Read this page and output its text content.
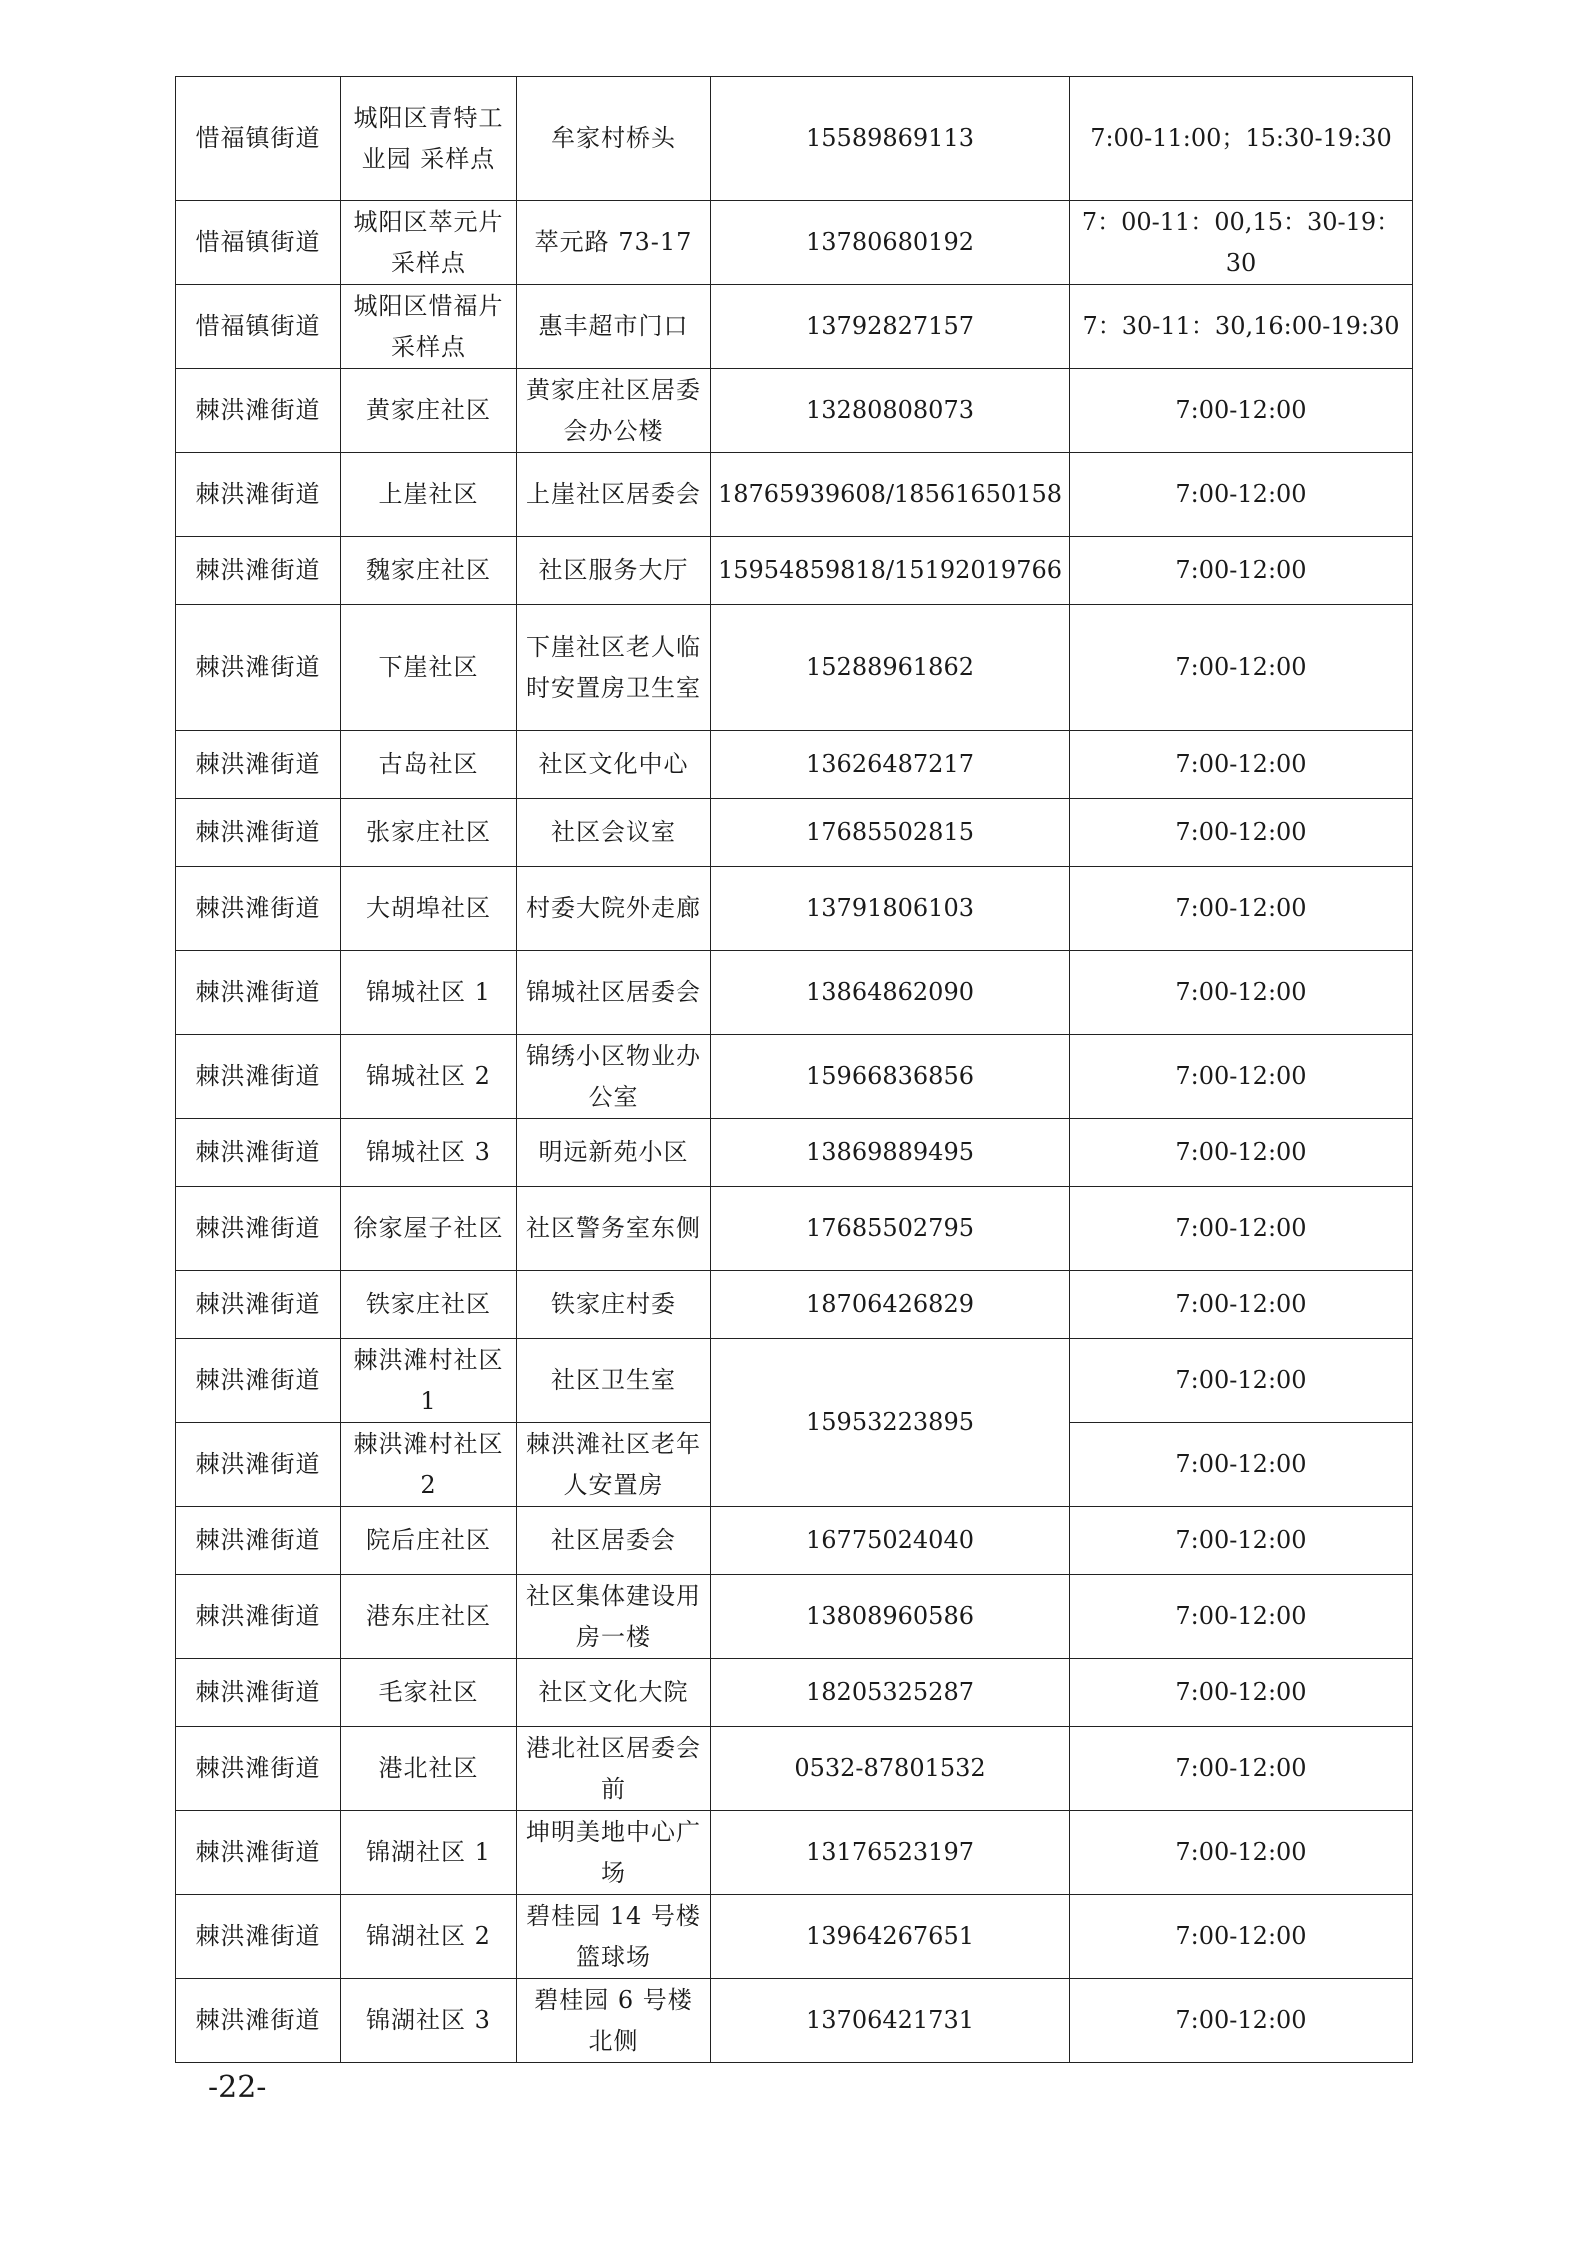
惜福镇街道	城阳区青特工业园 采样点	牟家村桥头	15589869113	7:00-11:00；15:30-19:30
惜福镇街道	城阳区萃元片采样点	萃元路 73-17	13780680192	7：00-11：00,15：30-19：30
惜福镇街道	城阳区惜福片采样点	惠丰超市门口	13792827157	7：30-11：30,16:00-19:30
棘洪滩街道	黄家庄社区	黄家庄社区居委会办公楼	13280808073	7:00-12:00
棘洪滩街道	上崖社区	上崖社区居委会	18765939608/18561650158	7:00-12:00
棘洪滩街道	魏家庄社区	社区服务大厅	15954859818/15192019766	7:00-12:00
棘洪滩街道	下崖社区	下崖社区老人临时安置房卫生室	15288961862	7:00-12:00
棘洪滩街道	古岛社区	社区文化中心	13626487217	7:00-12:00
棘洪滩街道	张家庄社区	社区会议室	17685502815	7:00-12:00
棘洪滩街道	大胡埠社区	村委大院外走廊	13791806103	7:00-12:00
棘洪滩街道	锦城社区 1	锦城社区居委会	13864862090	7:00-12:00
棘洪滩街道	锦城社区 2	锦绣小区物业办公室	15966836856	7:00-12:00
棘洪滩街道	锦城社区 3	明远新苑小区	13869889495	7:00-12:00
棘洪滩街道	徐家屋子社区	社区警务室东侧	17685502795	7:00-12:00
棘洪滩街道	铁家庄社区	铁家庄村委	18706426829	7:00-12:00
棘洪滩街道	棘洪滩村社区 1	社区卫生室	15953223895	7:00-12:00
棘洪滩街道	棘洪滩村社区 2	棘洪滩社区老年人安置房		7:00-12:00
棘洪滩街道	院后庄社区	社区居委会	16775024040	7:00-12:00
棘洪滩街道	港东庄社区	社区集体建设用房一楼	13808960586	7:00-12:00
棘洪滩街道	毛家社区	社区文化大院	18205325287	7:00-12:00
棘洪滩街道	港北社区	港北社区居委会前	0532-87801532	7:00-12:00
棘洪滩街道	锦湖社区 1	坤明美地中心广场	13176523197	7:00-12:00
棘洪滩街道	锦湖社区 2	碧桂园 14 号楼篮球场	13964267651	7:00-12:00
棘洪滩街道	锦湖社区 3	碧桂园 6 号楼北侧	13706421731	7:00-12:00
-22-
